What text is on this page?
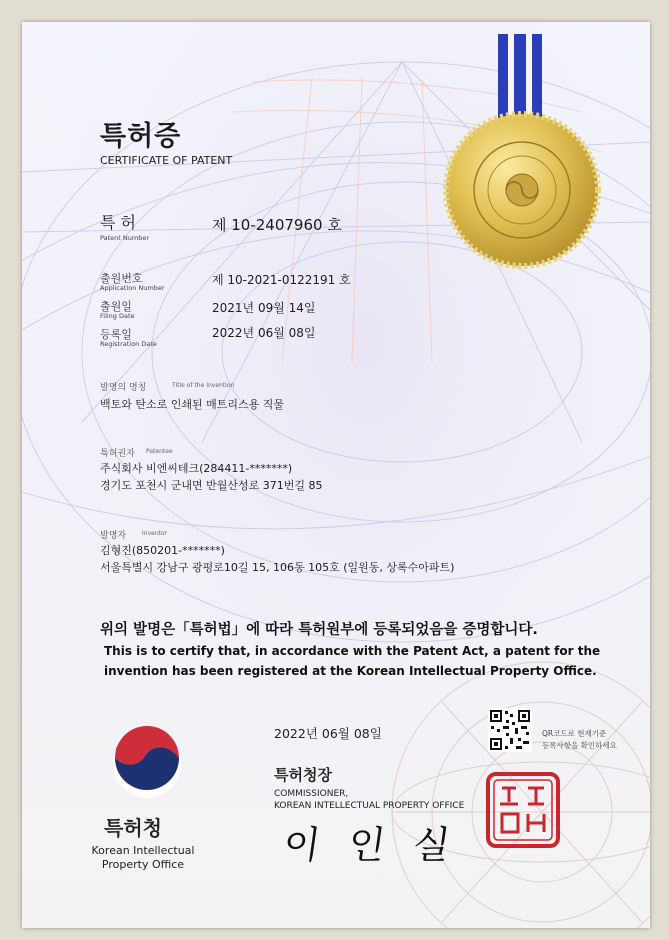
특허증
CERTIFICATE OF PATENT
특 허
Patent Number
제 10-2407960 호
출원번호
Application Number
제 10-2021-0122191 호
출원일
Filing Date
2021년 09월 14일
등록일
Registration Date
2022년 06월 08일
발명의 명칭	Title of the Invention
백토와 탄소로 인쇄된 매트리스용 직물
특허권자 Patentee
주식회사 비엔씨테크(284411-*******)
경기도 포천시 군내면 반월산성로 371번길 85
발명자	Inventor
김형진(850201-*******)
서울특별시 강남구 광평로10길 15, 106동 105호 (일원동, 상록수아파트)
위의 발명은「특허법」에 따라 특허원부에 등록되었음을 증명합니다.
This is to certify that, in accordance with the Patent Act, a patent for the
invention has been registered at the Korean Intellectual Property Office.
2022년 06월 08일	QR코드로 현재기준
등록사항을 확인하세요
특허청
Korean Intellectual
Property Office
특허청장
COMMISSIONER,
KOREAN INTELLECTUAL PROPERTY OFFICE
이 인 실
